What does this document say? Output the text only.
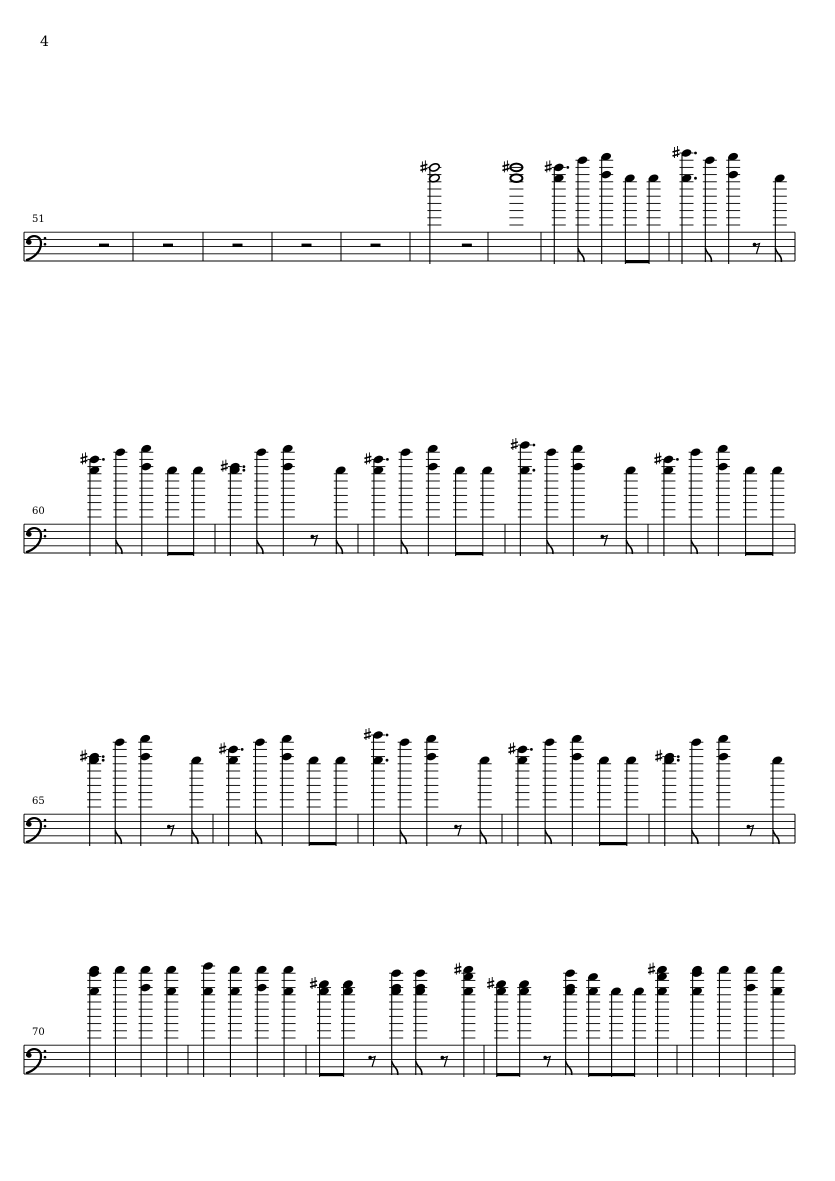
4
51
60
65
70
